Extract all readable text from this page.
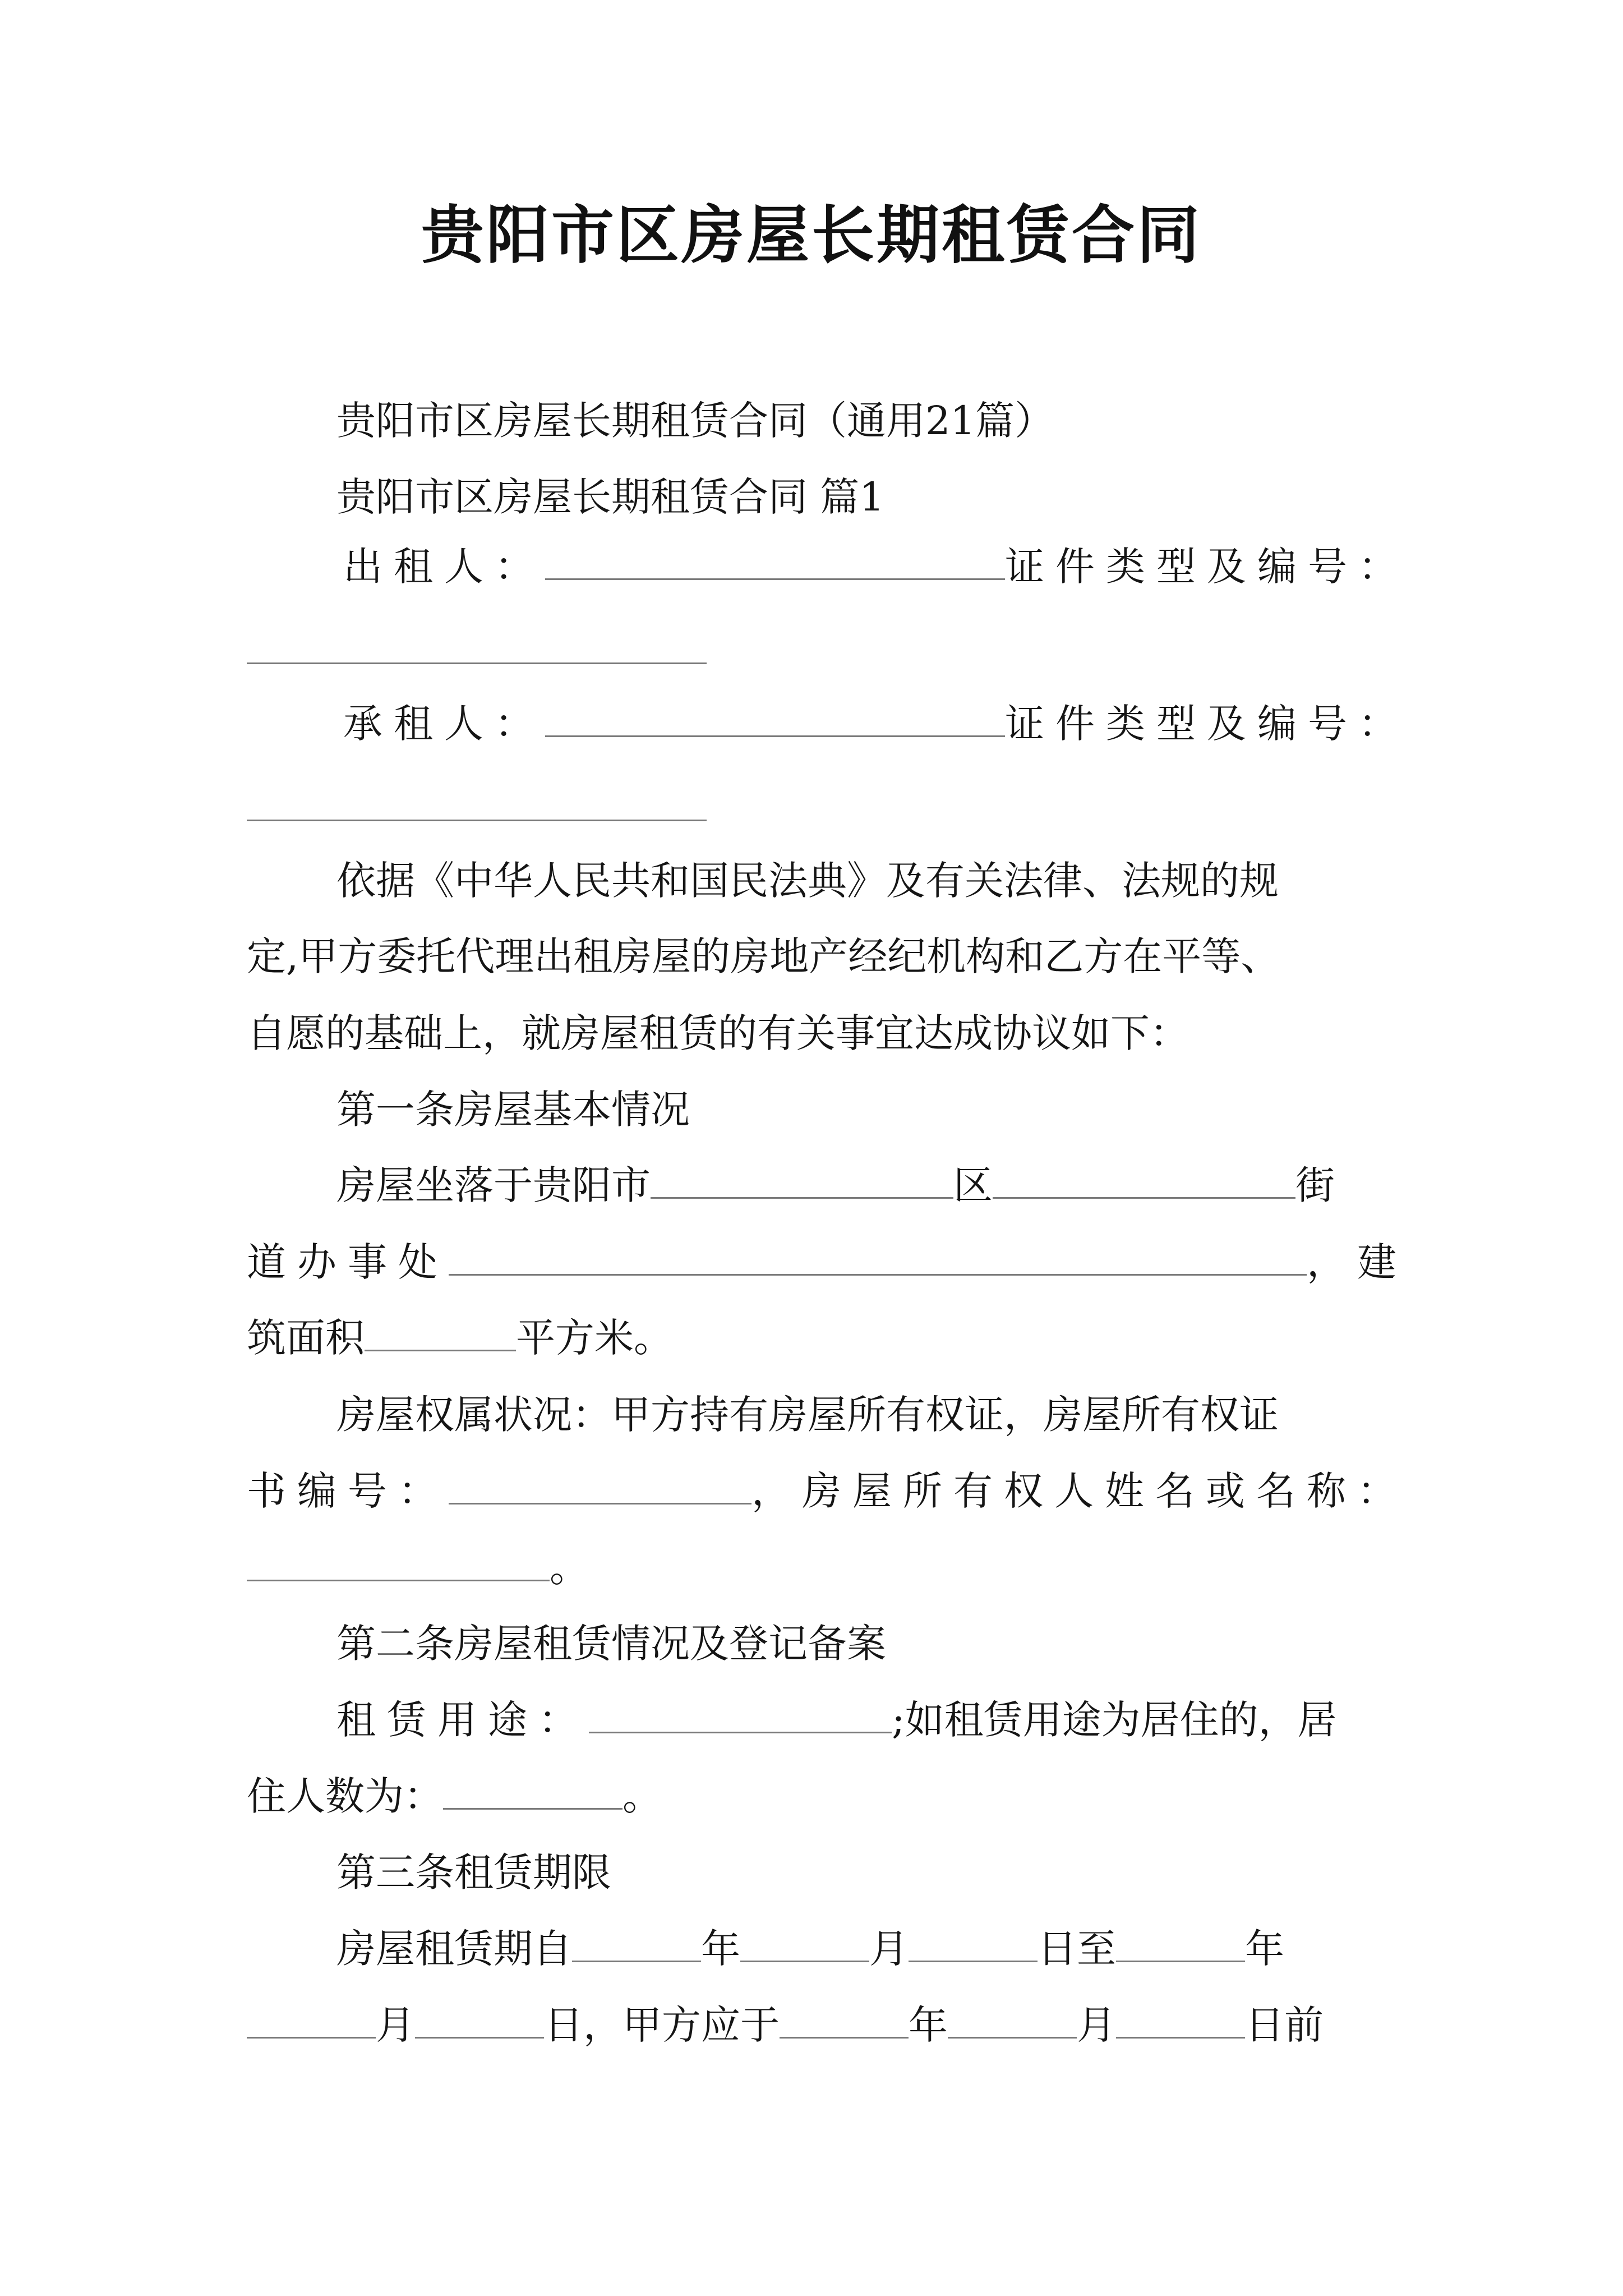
贵阳市区房屋长期租赁合同
贵阳市区房屋长期租赁合同（通用21篇）
贵阳市区房屋长期租赁合同 篇1
出租人：	证件类型及编号：
承租人：	证件类型及编号：
依据《中华人民共和国民法典》及有关法律、法规的规
定,甲方委托代理出租房屋的房地产经纪机构和乙方在平等、
自愿的基础上，就房屋租赁的有关事宜达成协议如下：
第一条房屋基本情况
房屋坐落于贵阳市	区	街
道办事处	，建
筑面积	平方米。
房屋权属状况：甲方持有房屋所有权证，房屋所有权证
书编号：	，房屋所有权人姓名或名称：
。
第二条房屋租赁情况及登记备案
租赁用途：	;如租赁用途为居住的，居
住人数为：	。
第三条租赁期限
房屋租赁期自	年	月	日至	年
月	日，甲方应于	年	月	日前
